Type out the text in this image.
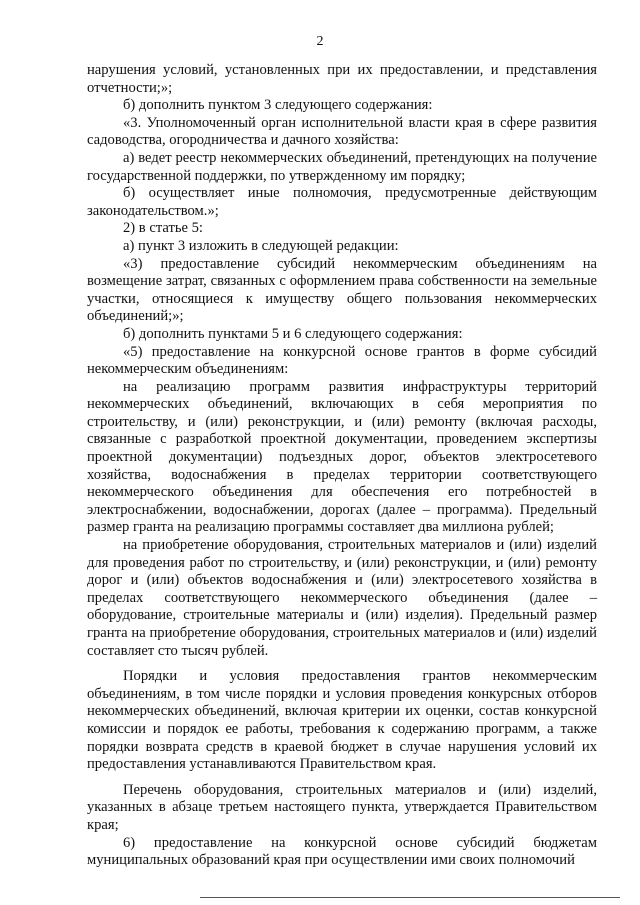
2

нарушения условий, установленных при их предоставлении, и представления отчетности;»;

б) дополнить пунктом 3 следующего содержания:

«3. Уполномоченный орган исполнительной власти края в сфере развития садоводства, огородничества и дачного хозяйства:

а) ведет реестр некоммерческих объединений, претендующих на получение государственной поддержки, по утвержденному им порядку;

б) осуществляет иные полномочия, предусмотренные действующим законодательством.»;

2) в статье 5:

а) пункт 3 изложить в следующей редакции:

«3) предоставление субсидий некоммерческим объединениям на возмещение затрат, связанных с оформлением права собственности на земельные участки, относящиеся к имуществу общего пользования некоммерческих объединений;»;

б) дополнить пунктами 5 и 6 следующего содержания:

«5) предоставление на конкурсной основе грантов в форме субсидий некоммерческим объединениям:

на реализацию программ развития инфраструктуры территорий некоммерческих объединений, включающих в себя мероприятия по строительству, и (или) реконструкции, и (или) ремонту (включая расходы, связанные с разработкой проектной документации, проведением экспертизы проектной документации) подъездных дорог, объектов электросетевого хозяйства, водоснабжения в пределах территории соответствующего некоммерческого объединения для обеспечения его потребностей в электроснабжении, водоснабжении, дорогах (далее – программа). Предельный размер гранта на реализацию программы составляет два миллиона рублей;

на приобретение оборудования, строительных материалов и (или) изделий для проведения работ по строительству, и (или) реконструкции, и (или) ремонту дорог и (или) объектов водоснабжения и (или) электросетевого хозяйства в пределах соответствующего некоммерческого объединения (далее – оборудование, строительные материалы и (или) изделия). Предельный размер гранта на приобретение оборудования, строительных материалов и (или) изделий составляет сто тысяч рублей.

Порядки и условия предоставления грантов некоммерческим объединениям, в том числе порядки и условия проведения конкурсных отборов некоммерческих объединений, включая критерии их оценки, состав конкурсной комиссии и порядок ее работы, требования к содержанию программ, а также порядки возврата средств в краевой бюджет в случае нарушения условий их предоставления устанавливаются Правительством края.

Перечень оборудования, строительных материалов и (или) изделий, указанных в абзаце третьем настоящего пункта, утверждается Правительством края;

6) предоставление на конкурсной основе субсидий бюджетам муниципальных образований края при осуществлении ими своих полномочий
